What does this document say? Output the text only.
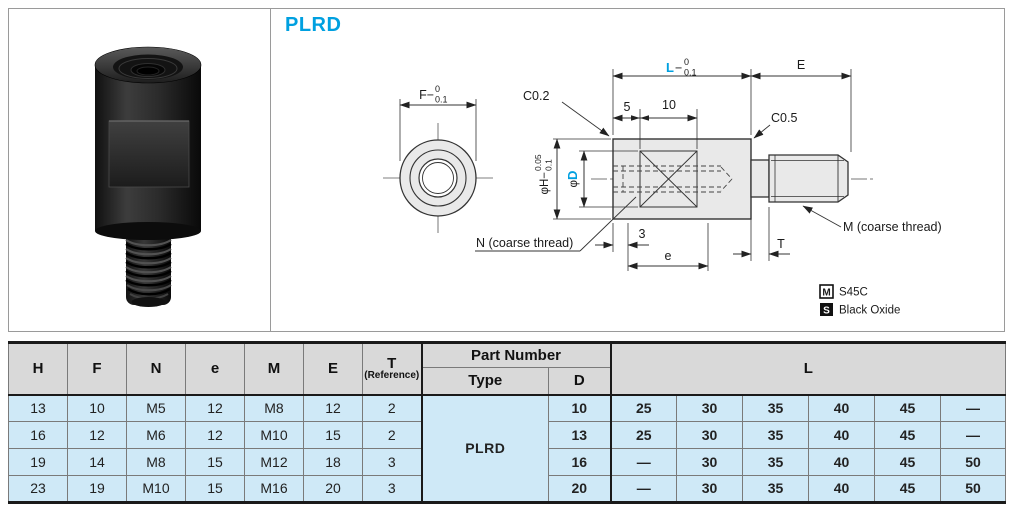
PLRD
F− 0
0.1
L − 0
0.1
E
5	10
C0.2
C0.5
3
e
T
N (coarse thread)
M (coarse thread)
φH−
0.05 0.1
φD
M S45C
S Black Oxide
H	F	N	e	M	E	T
(Reference)	Part Number		L					
							Type	D						
13	10	M5	12	M8	12	2	PLRD	10	25	30	35	40	45	—
16	12	M6	12	M10	15	2		13	25	30	35	40	45	—
19	14	M8	15	M12	18	3		16	—	30	35	40	45	50
23	19	M10	15	M16	20	3		20	—	30	35	40	45	50
